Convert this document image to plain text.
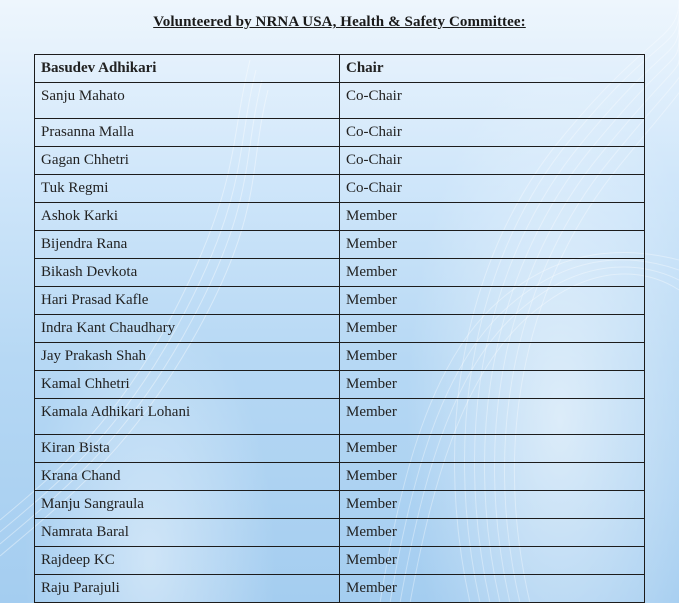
Volunteered by NRNA USA, Health & Safety Committee:
Basudev Adhikari	Chair
Sanju Mahato	Co-Chair
Prasanna Malla	Co-Chair
Gagan Chhetri	Co-Chair
Tuk Regmi	Co-Chair
Ashok Karki	Member
Bijendra Rana	Member
Bikash Devkota	Member
Hari Prasad Kafle	Member
Indra Kant Chaudhary	Member
Jay Prakash Shah	Member
Kamal Chhetri	Member
Kamala Adhikari Lohani	Member
Kiran Bista	Member
Krana Chand	Member
Manju Sangraula	Member
Namrata Baral	Member
Rajdeep KC	Member
Raju Parajuli	Member
